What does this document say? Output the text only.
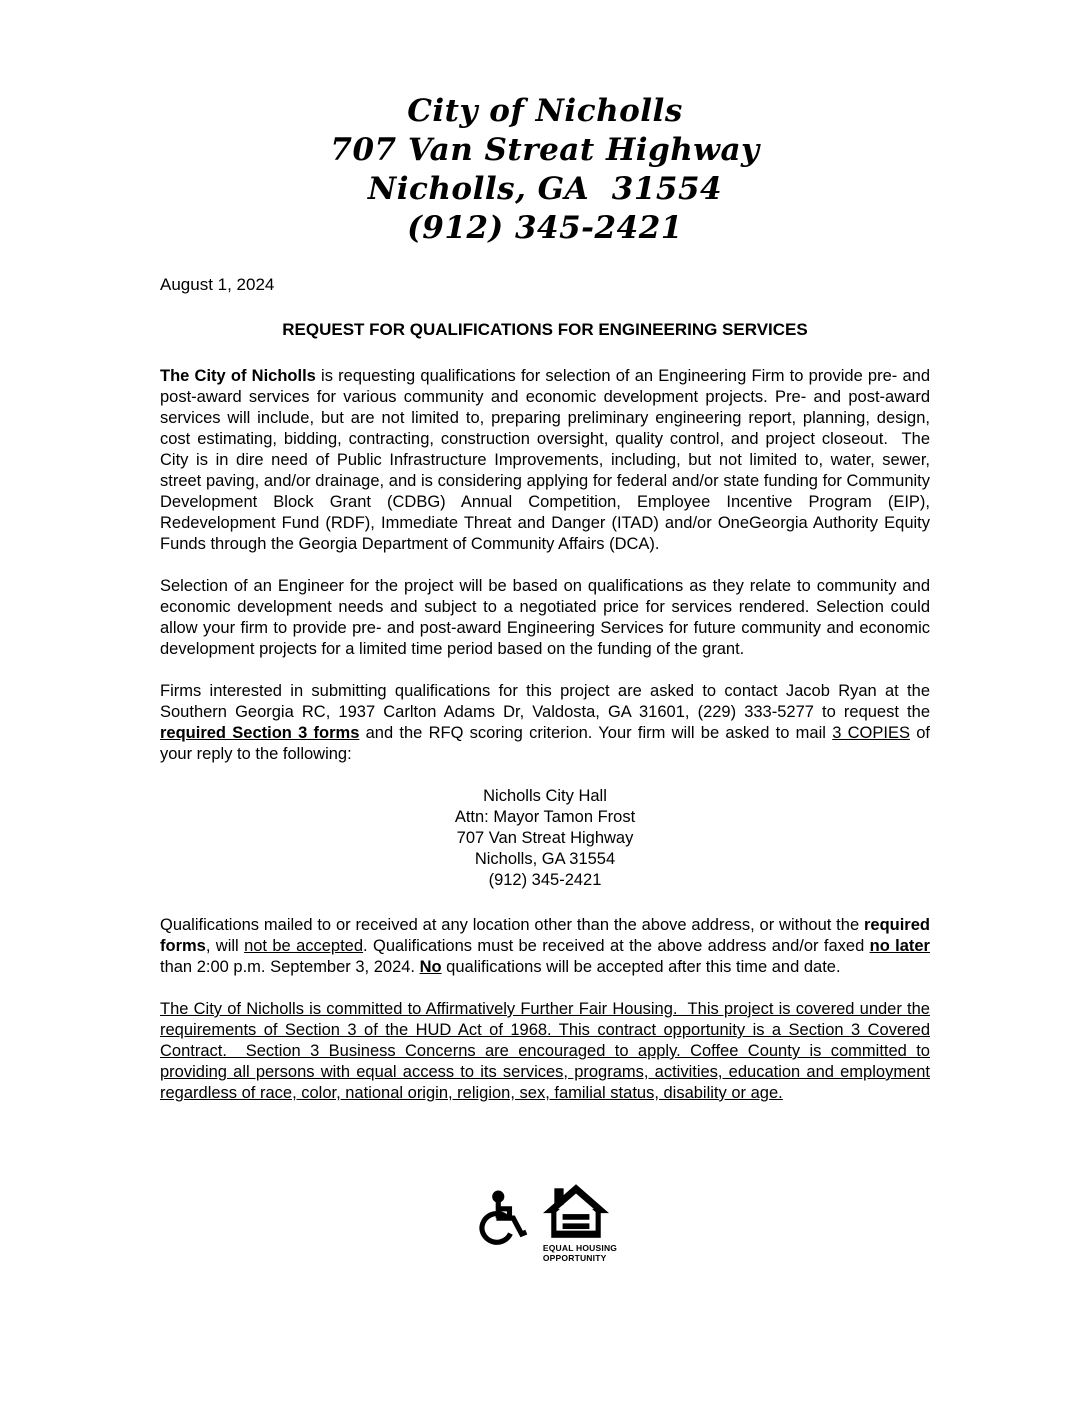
City of Nicholls
707 Van Streat Highway
Nicholls, GA  31554
(912) 345-2421
August 1, 2024
REQUEST FOR QUALIFICATIONS FOR ENGINEERING SERVICES

The City of Nicholls is requesting qualifications for selection of an Engineering Firm to provide pre- and post-award services for various community and economic development projects. Pre- and post-award services will include, but are not limited to, preparing preliminary engineering report, planning, design, cost estimating, bidding, contracting, construction oversight, quality control, and project closeout.  The City is in dire need of Public Infrastructure Improvements, including, but not limited to, water, sewer, street paving, and/or drainage, and is considering applying for federal and/or state funding for Community Development Block Grant (CDBG) Annual Competition, Employee Incentive Program (EIP), Redevelopment Fund (RDF), Immediate Threat and Danger (ITAD) and/or OneGeorgia Authority Equity Funds through the Georgia Department of Community Affairs (DCA).

Selection of an Engineer for the project will be based on qualifications as they relate to community and economic development needs and subject to a negotiated price for services rendered. Selection could allow your firm to provide pre- and post-award Engineering Services for future community and economic development projects for a limited time period based on the funding of the grant.

Firms interested in submitting qualifications for this project are asked to contact Jacob Ryan at the Southern Georgia RC, 1937 Carlton Adams Dr, Valdosta, GA 31601, (229) 333-5277 to request the required Section 3 forms and the RFQ scoring criterion. Your firm will be asked to mail 3 COPIES of your reply to the following:

Nicholls City Hall
Attn: Mayor Tamon Frost
707 Van Streat Highway
Nicholls, GA 31554
(912) 345-2421

Qualifications mailed to or received at any location other than the above address, or without the required forms, will not be accepted. Qualifications must be received at the above address and/or faxed no later than 2:00 p.m. September 3, 2024. No qualifications will be accepted after this time and date.

The City of Nicholls is committed to Affirmatively Further Fair Housing.  This project is covered under the requirements of Section 3 of the HUD Act of 1968. This contract opportunity is a Section 3 Covered Contract.  Section 3 Business Concerns are encouraged to apply. Coffee County is committed to providing all persons with equal access to its services, programs, activities, education and employment regardless of race, color, national origin, religion, sex, familial status, disability or age.

EQUAL HOUSING
OPPORTUNITY
